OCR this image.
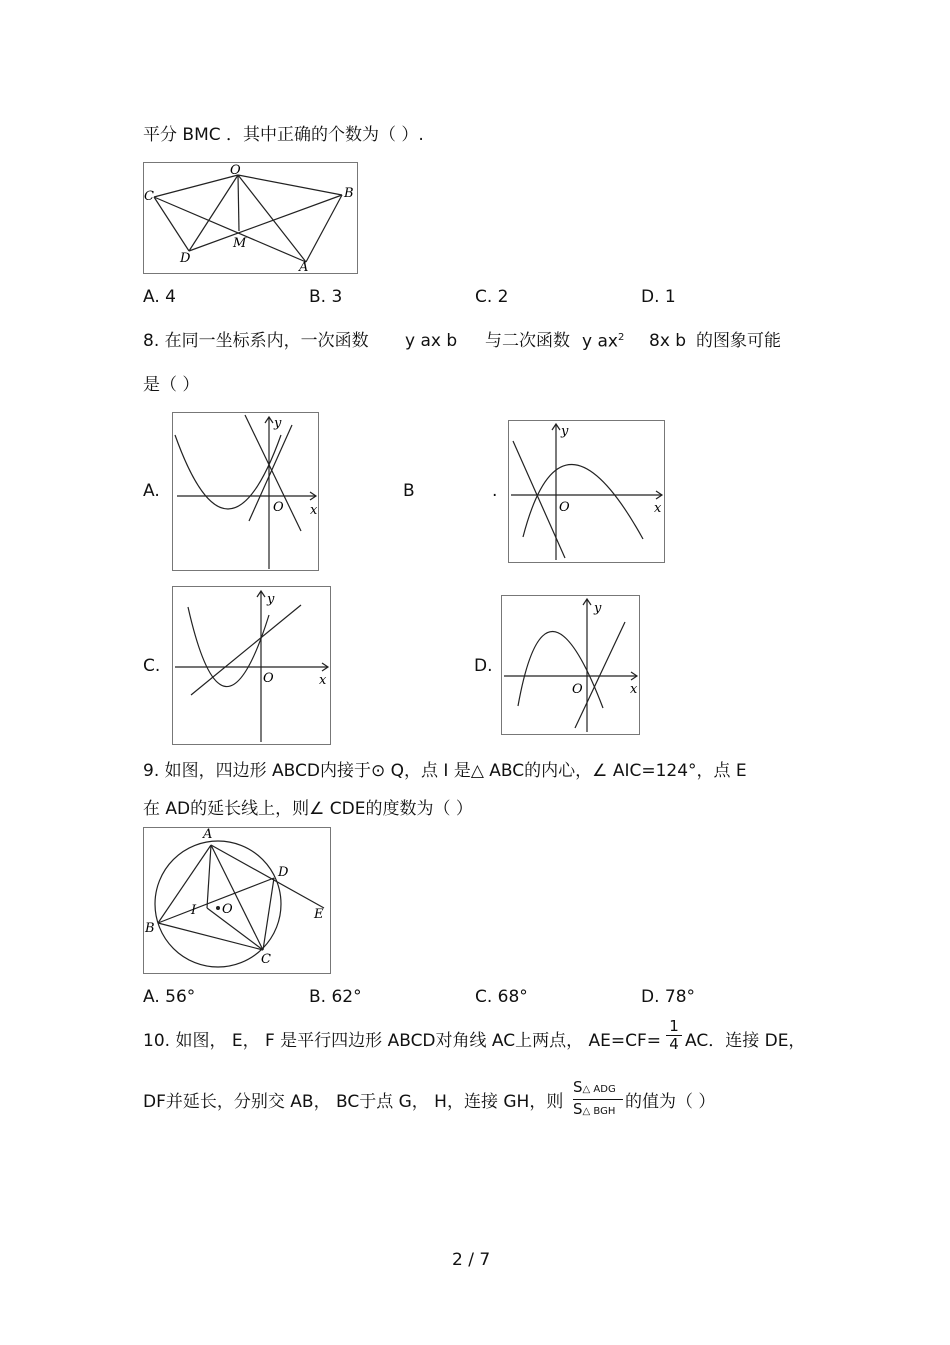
平分 BMC ．其中正确的个数为（ ）.
O
B
C
D
M
A
A. 4	B. 3	C. 2	D. 1
8. 在同一坐标系内，一次函数 y ax b 与二次函数 y $ax^2$ 8x b 的图象可能
是（ ）
A.	B	.
C.	D.
y
x
O
y
x
O
y
x
O
y
x
O
9. 如图，四边形 ABCD内接于⊙ Q，点 I 是△ ABC的内心，∠ AIC=124°，点 E
在 AD的延长线上，则∠ CDE的度数为（ ）
A
D
I O	E
B
C
A. 56°	B. 62°	C. 68°	D. 78°
10. 如图， E， F 是平行四边形 ABCD对角线 AC上两点， $AE=CF= \frac{1}{4}$ AC．连接 DE，
DF并延长，分别交 AB， BC于点 G， H，连接 GH，则
S△ ADG
S△ BGH 的值为（ ）
2 / 7
